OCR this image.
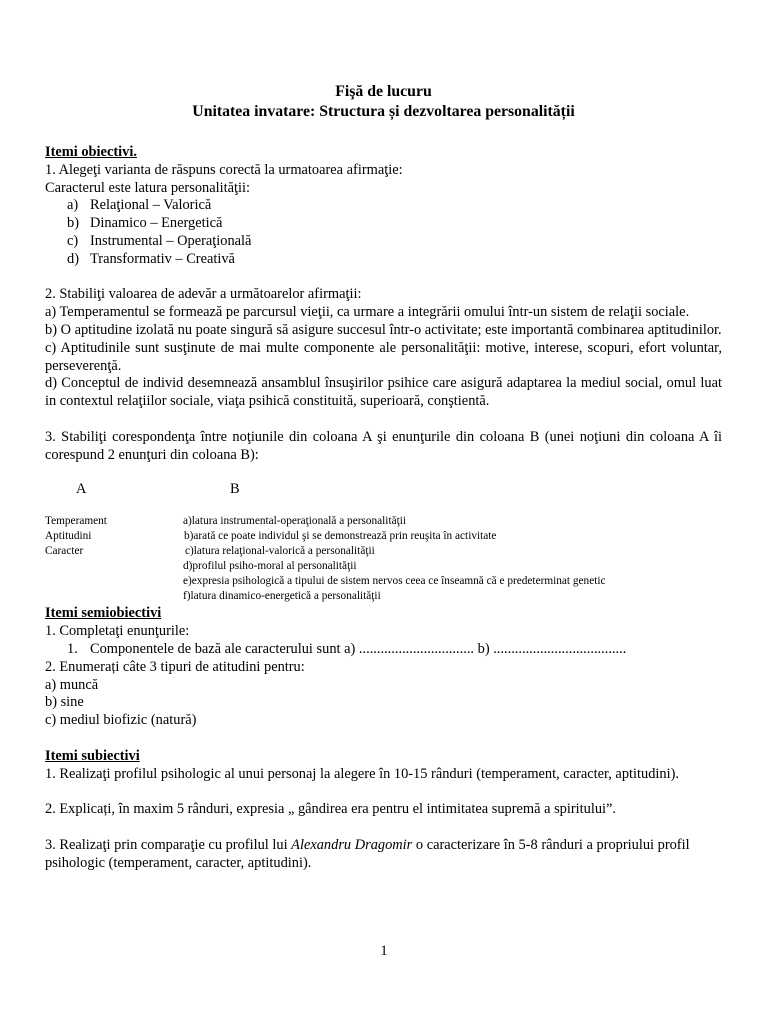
Fişă de lucuru
Unitatea invatare: Structura și dezvoltarea personalității
Itemi obiectivi.
1. Alegeţi varianta de răspuns corectă la urmatoarea afirmaţie:
Caracterul este latura personalităţii:
a) Relaţional – Valorică
b) Dinamico – Energetică
c) Instrumental – Operaţională
d) Transformativ – Creativă
2. Stabiliţi valoarea de adevăr a următoarelor afirmaţii:
a) Temperamentul se formează pe parcursul vieţii, ca urmare a integrării omului într-un sistem de relaţii sociale.
b) O aptitudine izolată nu poate singură să asigure succesul într-o activitate; este importantă combinarea aptitudinilor.
c) Aptitudinile sunt susţinute de mai multe componente ale personalităţii: motive, interese, scopuri, efort voluntar, perseverenţă.
d) Conceptul de individ desemnează ansamblul însuşirilor psihice care asigură adaptarea la mediul social, omul luat in contextul relaţiilor sociale, viaţa psihică constituită, superioară, conştientă.
3. Stabiliţi corespondenţa între noţiunile din coloana A şi enunţurile din coloana B (unei noţiuni din coloana A îi corespund 2 enunţuri din coloana B):
A	B
Temperament	a)latura instrumental-operaţională a personalităţii
Aptitudini	b)arată ce poate individul şi se demonstrează prin reuşita în activitate
Caracter	c)latura relaţional-valorică a personalităţii
d)profilul psiho-moral al personalităţii
e)expresia psihologică a tipului de sistem nervos ceea ce înseamnă că e predeterminat genetic
f)latura dinamico-energetică a personalităţii
Itemi semiobiectivi
1. Completaţi enunţurile:
1. Componentele de bază ale caracterului sunt a) ................................ b) .....................................
2. Enumerați câte 3 tipuri de atitudini pentru:
a) muncă
b) sine
c) mediul biofizic (natură)
Itemi subiectivi
1. Realizaţi profilul psihologic al unui personaj la alegere în 10-15 rânduri (temperament, caracter, aptitudini).
2. Explicați, în maxim 5 rânduri, expresia „ gândirea era pentru el intimitatea supremă a spiritului”.
3. Realizaţi prin comparaţie cu profilul lui Alexandru Dragomir o caracterizare în 5-8 rânduri a propriului profil psihologic (temperament, caracter, aptitudini).
1
